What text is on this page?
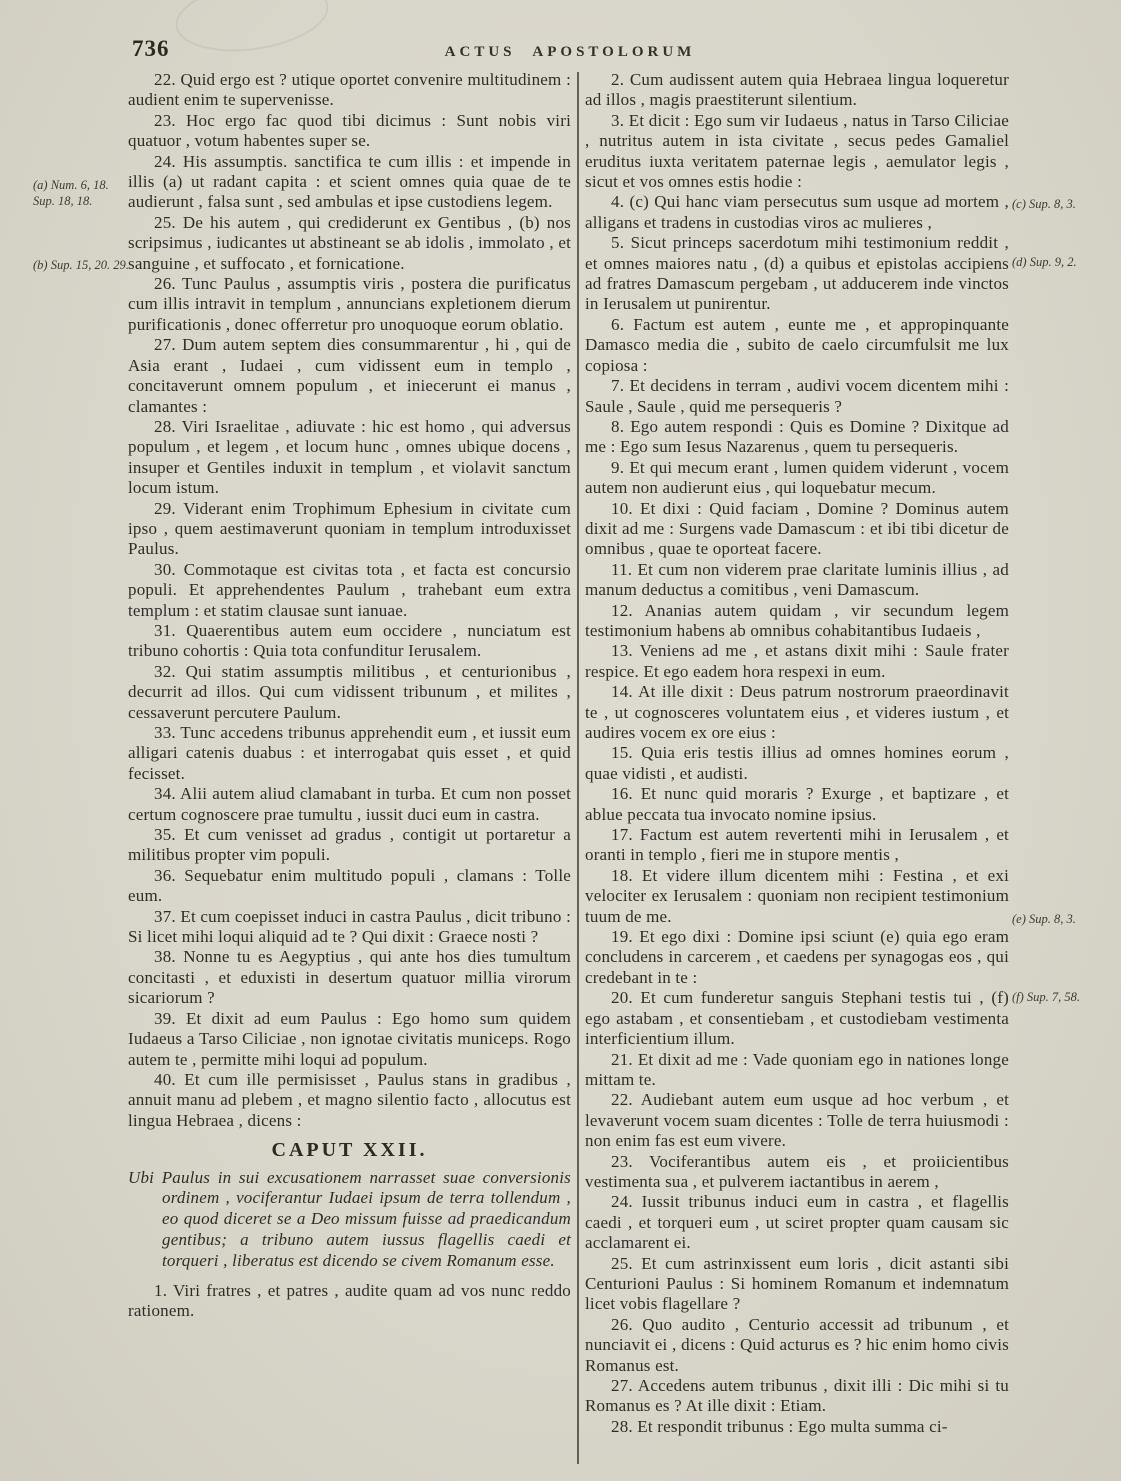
736	ACTUS APOSTOLORUM
(a) Num. 6, 18. Sup. 18, 18.
(b) Sup. 15, 20. 29.

22. Quid ergo est ? utique oportet convenire multitudinem : audient enim te supervenisse.

23. Hoc ergo fac quod tibi dicimus : Sunt nobis viri quatuor , votum habentes super se.

24. His assumptis. sanctifica te cum illis : et impende in illis (a) ut radant capita : et scient omnes quia quae de te audierunt , falsa sunt , sed ambulas et ipse custodiens legem.

25. De his autem , qui crediderunt ex Gentibus , (b) nos scripsimus , iudicantes ut abstineant se ab idolis , immolato , et sanguine , et suffocato , et fornicatione.

26. Tunc Paulus , assumptis viris , postera die purificatus cum illis intravit in templum , annuncians expletionem dierum purificationis , donec offerretur pro unoquoque eorum oblatio.

27. Dum autem septem dies consummarentur , hi , qui de Asia erant , Iudaei , cum vidissent eum in templo , concitaverunt omnem populum , et iniecerunt ei manus , clamantes :

28. Viri Israelitae , adiuvate : hic est homo , qui adversus populum , et legem , et locum hunc , omnes ubique docens , insuper et Gentiles induxit in templum , et violavit sanctum locum istum.

29. Viderant enim Trophimum Ephesium in civitate cum ipso , quem aestimaverunt quoniam in templum introduxisset Paulus.

30. Commotaque est civitas tota , et facta est concursio populi. Et apprehendentes Paulum , trahebant eum extra templum : et statim clausae sunt ianuae.

31. Quaerentibus autem eum occidere , nunciatum est tribuno cohortis : Quia tota confunditur Ierusalem.

32. Qui statim assumptis militibus , et centurionibus , decurrit ad illos. Qui cum vidissent tribunum , et milites , cessaverunt percutere Paulum.

33. Tunc accedens tribunus apprehendit eum , et iussit eum alligari catenis duabus : et interrogabat quis esset , et quid fecisset.

34. Alii autem aliud clamabant in turba. Et cum non posset certum cognoscere prae tumultu , iussit duci eum in castra.

35. Et cum venisset ad gradus , contigit ut portaretur a militibus propter vim populi.

36. Sequebatur enim multitudo populi , clamans : Tolle eum.

37. Et cum coepisset induci in castra Paulus , dicit tribuno : Si licet mihi loqui aliquid ad te ? Qui dixit : Graece nosti ?

38. Nonne tu es Aegyptius , qui ante hos dies tumultum concitasti , et eduxisti in desertum quatuor millia virorum sicariorum ?

39. Et dixit ad eum Paulus : Ego homo sum quidem Iudaeus a Tarso Ciliciae , non ignotae civitatis municeps. Rogo autem te , permitte mihi loqui ad populum.

40. Et cum ille permisisset , Paulus stans in gradibus , annuit manu ad plebem , et magno silentio facto , allocutus est lingua Hebraea , dicens :

CAPUT XXII.

Ubi Paulus in sui excusationem narrasset suae conversionis ordinem , vociferantur Iudaei ipsum de terra tollendum , eo quod diceret se a Deo missum fuisse ad praedicandum gentibus; a tribuno autem iussus flagellis caedi et torqueri , liberatus est dicendo se civem Romanum esse.

1. Viri fratres , et patres , audite quam ad vos nunc reddo rationem.

2. Cum audissent autem quia Hebraea lingua loqueretur ad illos , magis praestiterunt silentium.

3. Et dicit : Ego sum vir Iudaeus , natus in Tarso Ciliciae , nutritus autem in ista civitate , secus pedes Gamaliel eruditus iuxta veritatem paternae legis , aemulator legis , sicut et vos omnes estis hodie :

4. (c) Qui hanc viam persecutus sum usque ad mortem , alligans et tradens in custodias viros ac mulieres ,

5. Sicut princeps sacerdotum mihi testimonium reddit , et omnes maiores natu , (d) a quibus et epistolas accipiens ad fratres Damascum pergebam , ut adducerem inde vinctos in Ierusalem ut punirentur.

6. Factum est autem , eunte me , et appropinquante Damasco media die , subito de caelo circumfulsit me lux copiosa :

7. Et decidens in terram , audivi vocem dicentem mihi : Saule , Saule , quid me persequeris ?

8. Ego autem respondi : Quis es Domine ? Dixitque ad me : Ego sum Iesus Nazarenus , quem tu persequeris.

9. Et qui mecum erant , lumen quidem viderunt , vocem autem non audierunt eius , qui loquebatur mecum.

10. Et dixi : Quid faciam , Domine ? Dominus autem dixit ad me : Surgens vade Damascum : et ibi tibi dicetur de omnibus , quae te oporteat facere.

11. Et cum non viderem prae claritate luminis illius , ad manum deductus a comitibus , veni Damascum.

12. Ananias autem quidam , vir secundum legem testimonium habens ab omnibus cohabitantibus Iudaeis ,

13. Veniens ad me , et astans dixit mihi : Saule frater respice. Et ego eadem hora respexi in eum.

14. At ille dixit : Deus patrum nostrorum praeordinavit te , ut cognosceres voluntatem eius , et videres iustum , et audires vocem ex ore eius :

15. Quia eris testis illius ad omnes homines eorum , quae vidisti , et audisti.

16. Et nunc quid moraris ? Exurge , et baptizare , et ablue peccata tua invocato nomine ipsius.

17. Factum est autem revertenti mihi in Ierusalem , et oranti in templo , fieri me in stupore mentis ,

18. Et videre illum dicentem mihi : Festina , et exi velociter ex Ierusalem : quoniam non recipient testimonium tuum de me.

19. Et ego dixi : Domine ipsi sciunt (e) quia ego eram concludens in carcerem , et caedens per synagogas eos , qui credebant in te :

20. Et cum funderetur sanguis Stephani testis tui , (f) ego astabam , et consentiebam , et custodiebam vestimenta interficientium illum.

21. Et dixit ad me : Vade quoniam ego in nationes longe mittam te.

22. Audiebant autem eum usque ad hoc verbum , et levaverunt vocem suam dicentes : Tolle de terra huiusmodi : non enim fas est eum vivere.

23. Vociferantibus autem eis , et proiicientibus vestimenta sua , et pulverem iactantibus in aerem ,

24. Iussit tribunus induci eum in castra , et flagellis caedi , et torqueri eum , ut sciret propter quam causam sic acclamarent ei.

25. Et cum astrinxissent eum loris , dicit astanti sibi Centurioni Paulus : Si hominem Romanum et indemnatum licet vobis flagellare ?

26. Quo audito , Centurio accessit ad tribunum , et nunciavit ei , dicens : Quid acturus es ? hic enim homo civis Romanus est.

27. Accedens autem tribunus , dixit illi : Dic mihi si tu Romanus es ? At ille dixit : Etiam.

28. Et respondit tribunus : Ego multa summa ci-

(c) Sup. 8, 3.
(d) Sup. 9, 2.
(e) Sup. 8, 3.
(f) Sup. 7, 58.
